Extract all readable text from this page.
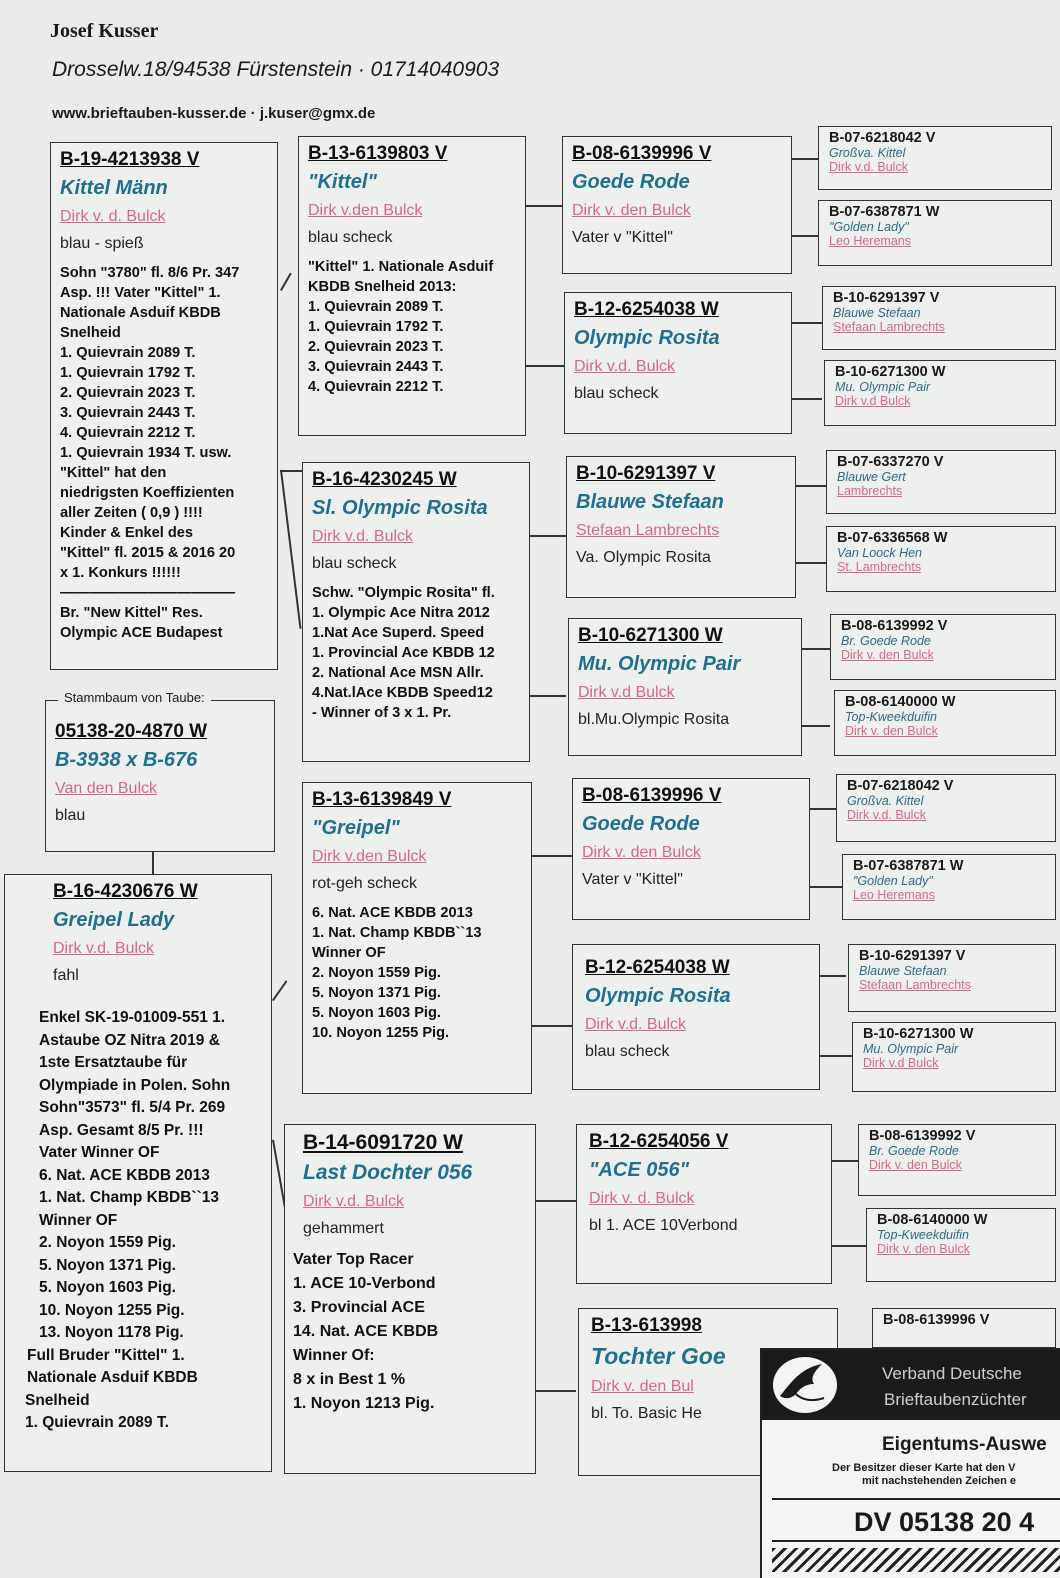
Josef Kusser
Drosselw.18/94538 Fürstenstein · 01714040903
www.brieftauben-kusser.de · j.kuser@gmx.de
B-19-4213938 V
Kittel Männ
Dirk v. d. Bulck
blau - spieß
Sohn "3780" fl. 8/6 Pr. 347
Asp. !!! Vater "Kittel" 1.
Nationale Asduif KBDB
Snelheid
1. Quievrain 2089 T.
1. Quievrain 1792 T.
2. Quievrain 2023 T.
3. Quievrain 2443 T.
4. Quievrain 2212 T.
1. Quievrain 1934 T. usw.
"Kittel" hat den
niedrigsten Koeffizienten
aller Zeiten ( 0,9 ) !!!!
Kinder & Enkel des
"Kittel" fl. 2015 & 2016 20
x 1. Konkurs !!!!!!
————————————
Br. "New Kittel" Res.
Olympic ACE Budapest
05138-20-4870 W
B-3938 x B-676
Van den Bulck
blau
Stammbaum von Taube:
B-16-4230676 W
Greipel Lady
Dirk v.d. Bulck
fahl
Enkel SK-19-01009-551 1.
Astaube OZ Nitra 2019 &
1ste Ersatztaube für
Olympiade in Polen. Sohn
Sohn"3573" fl. 5/4 Pr. 269
Asp. Gesamt 8/5 Pr. !!!
Vater Winner OF
6. Nat. ACE KBDB 2013
1. Nat. Champ KBDB``13
Winner OF
2. Noyon 1559 Pig.
5. Noyon 1371 Pig.
5. Noyon 1603 Pig.
10. Noyon 1255 Pig.
13. Noyon 1178 Pig.
Full Bruder "Kittel" 1.
Nationale Asduif KBDB
Snelheid
1. Quievrain 2089 T.
B-13-6139803 V
"Kittel"
Dirk v.den Bulck
blau scheck
"Kittel" 1. Nationale Asduif
KBDB Snelheid 2013:
1. Quievrain 2089 T.
1. Quievrain 1792 T.
2. Quievrain 2023 T.
3. Quievrain 2443 T.
4. Quievrain 2212 T.
B-16-4230245 W
Sl. Olympic Rosita
Dirk v.d. Bulck
blau scheck
Schw. "Olympic Rosita" fl.
1. Olympic Ace Nitra 2012
1.Nat Ace Superd. Speed
1. Provincial Ace KBDB 12
2. National Ace MSN Allr.
4.Nat.lAce KBDB Speed12
- Winner of 3 x 1. Pr.
B-13-6139849 V
"Greipel"
Dirk v.den Bulck
rot-geh scheck
6. Nat. ACE KBDB 2013
1. Nat. Champ KBDB``13
Winner OF
2. Noyon 1559 Pig.
5. Noyon 1371 Pig.
5. Noyon 1603 Pig.
10. Noyon 1255 Pig.
B-14-6091720 W
Last Dochter 056
Dirk v.d. Bulck
gehammert
Vater Top Racer
1. ACE 10-Verbond
3. Provincial ACE
14. Nat. ACE KBDB
Winner Of:
8 x in Best 1 %
1. Noyon 1213 Pig.
B-08-6139996 V
Goede Rode
Dirk v. den Bulck
Vater v "Kittel"
B-12-6254038 W
Olympic Rosita
Dirk v.d. Bulck
blau scheck
B-10-6291397 V
Blauwe Stefaan
Stefaan Lambrechts
Va. Olympic Rosita
B-10-6271300 W
Mu. Olympic Pair
Dirk v.d Bulck
bl.Mu.Olympic Rosita
B-08-6139996 V
Goede Rode
Dirk v. den Bulck
Vater v "Kittel"
B-12-6254038 W
Olympic Rosita
Dirk v.d. Bulck
blau scheck
B-12-6254056 V
"ACE 056"
Dirk v. d. Bulck
bl 1. ACE 10Verbond
B-13-613998
Tochter Goe
Dirk v. den Bul
bl. To. Basic He
B-07-6218042 V
Großva. Kittel
Dirk v.d. Bulck
B-07-6387871 W
"Golden Lady"
Leo Heremans
B-10-6291397 V
Blauwe Stefaan
Stefaan Lambrechts
B-10-6271300 W
Mu. Olympic Pair
Dirk v.d Bulck
B-07-6337270 V
Blauwe Gert
Lambrechts
B-07-6336568 W
Van Loock Hen
St. Lambrechts
B-08-6139992 V
Br. Goede Rode
Dirk v. den Bulck
B-08-6140000 W
Top-Kweekduifin
Dirk v. den Bulck
B-07-6218042 V
Großva. Kittel
Dirk v.d. Bulck
B-07-6387871 W
"Golden Lady"
Leo Heremans
B-10-6291397 V
Blauwe Stefaan
Stefaan Lambrechts
B-10-6271300 W
Mu. Olympic Pair
Dirk v.d Bulck
B-08-6139992 V
Br. Goede Rode
Dirk v. den Bulck
B-08-6140000 W
Top-Kweekduifin
Dirk v. den Bulck
B-08-6139996 V
Verband Deutsche
Brieftaubenzüchter
Eigentums-Auswe
Der Besitzer dieser Karte hat den V
mit nachstehenden Zeichen e
DV 05138 20 4
